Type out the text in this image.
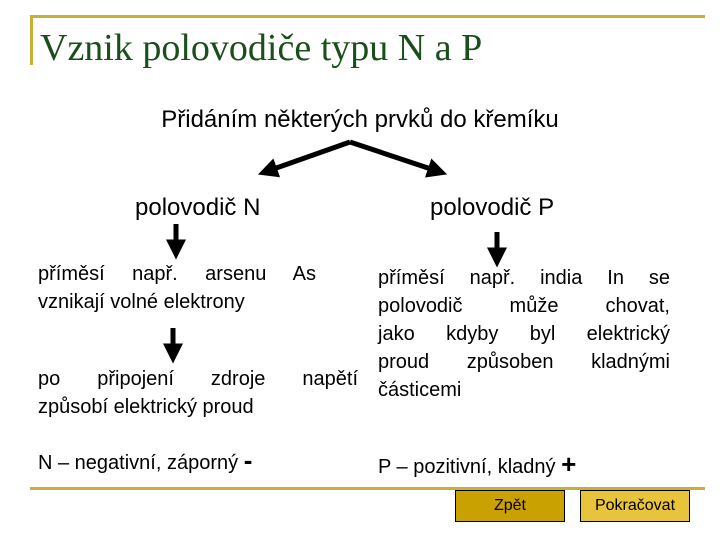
Vznik polovodiče typu N a P
Přidáním některých prvků do křemíku
polovodič N	polovodič P
příměsí např. arsenu As
vznikají volné elektrony
po připojení zdroje napětí
způsobí elektrický proud
N – negativní, záporný -
příměsí např. india In se
polovodič může chovat,
jako kdyby byl elektrický
proud způsoben kladnými
částicemi
P – pozitivní, kladný +
Zpět	Pokračovat
